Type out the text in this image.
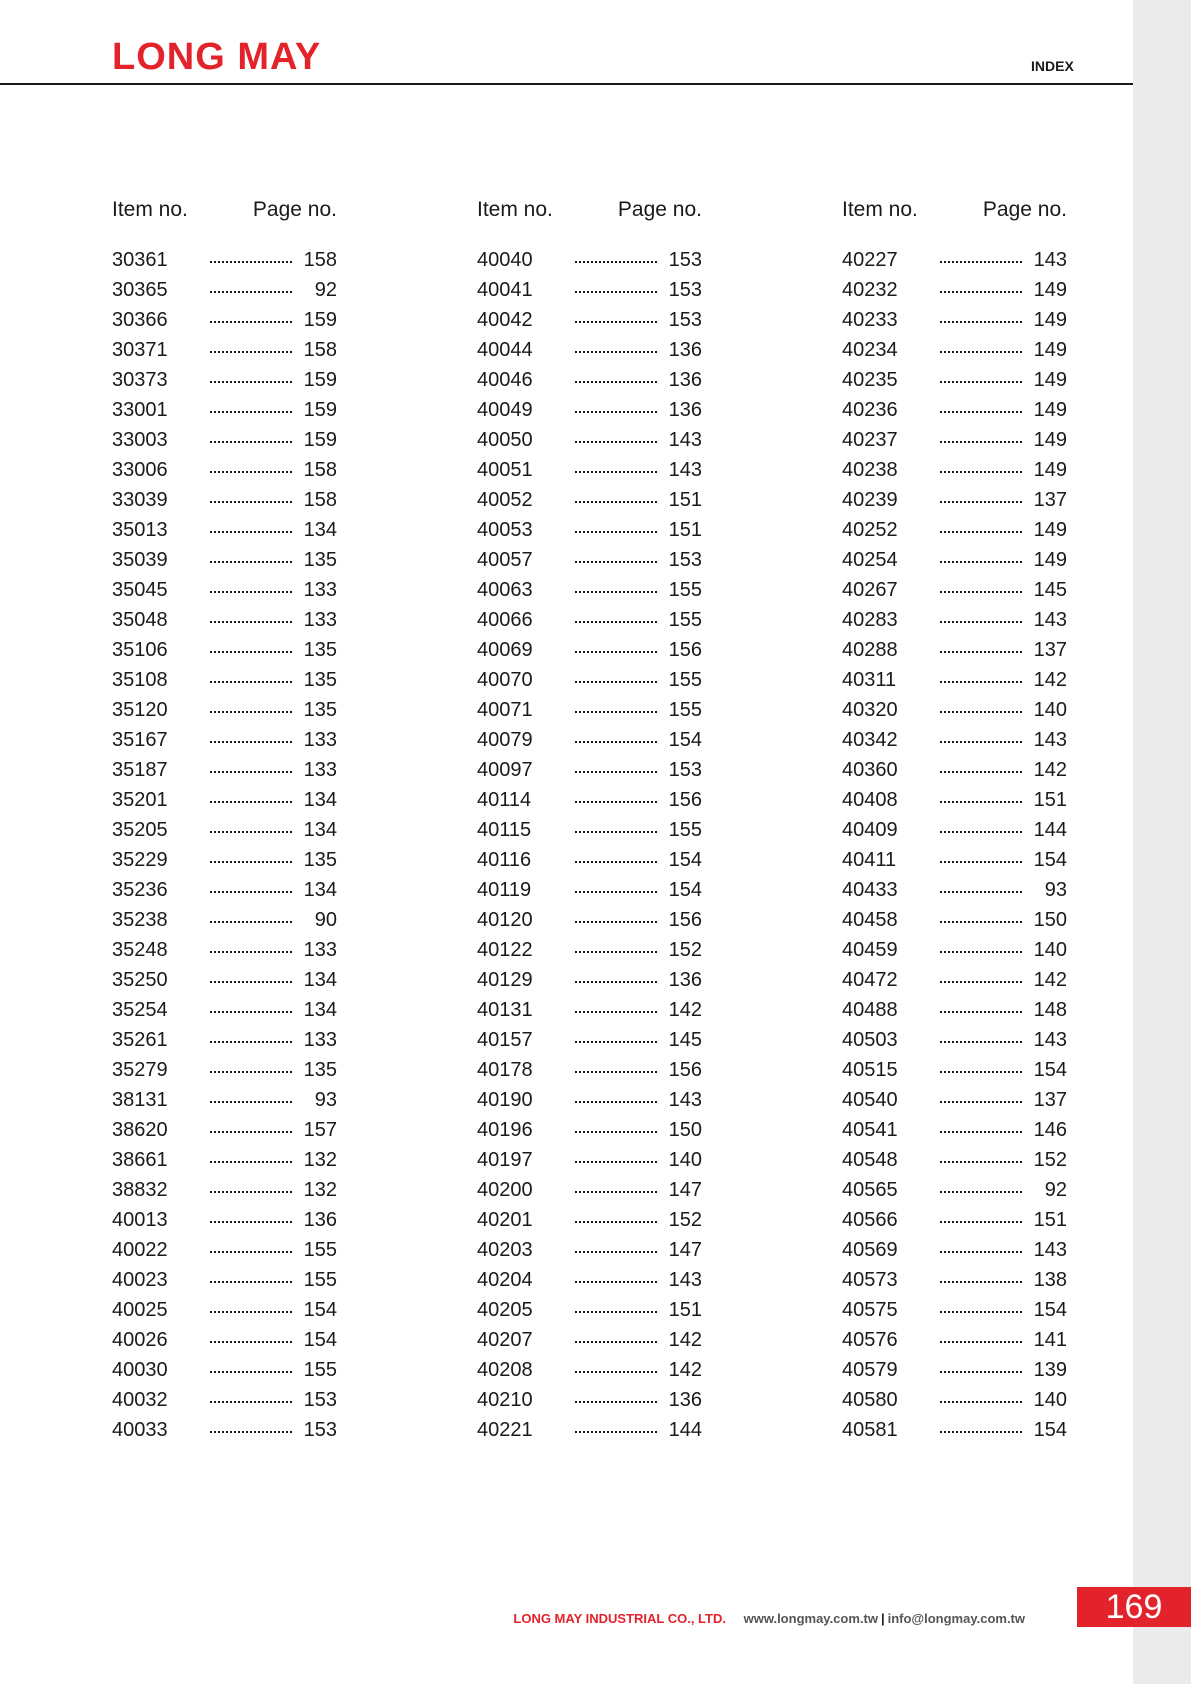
LONG MAY	INDEX
Item no.	Page no.
30361	158
30365	92
30366	159
30371	158
30373	159
33001	159
33003	159
33006	158
33039	158
35013	134
35039	135
35045	133
35048	133
35106	135
35108	135
35120	135
35167	133
35187	133
35201	134
35205	134
35229	135
35236	134
35238	90
35248	133
35250	134
35254	134
35261	133
35279	135
38131	93
38620	157
38661	132
38832	132
40013	136
40022	155
40023	155
40025	154
40026	154
40030	155
40032	153
40033	153
Item no.	Page no.
40040	153
40041	153
40042	153
40044	136
40046	136
40049	136
40050	143
40051	143
40052	151
40053	151
40057	153
40063	155
40066	155
40069	156
40070	155
40071	155
40079	154
40097	153
40114	156
40115	155
40116	154
40119	154
40120	156
40122	152
40129	136
40131	142
40157	145
40178	156
40190	143
40196	150
40197	140
40200	147
40201	152
40203	147
40204	143
40205	151
40207	142
40208	142
40210	136
40221	144
Item no.	Page no.
40227	143
40232	149
40233	149
40234	149
40235	149
40236	149
40237	149
40238	149
40239	137
40252	149
40254	149
40267	145
40283	143
40288	137
40311	142
40320	140
40342	143
40360	142
40408	151
40409	144
40411	154
40433	93
40458	150
40459	140
40472	142
40488	148
40503	143
40515	154
40540	137
40541	146
40548	152
40565	92
40566	151
40569	143
40573	138
40575	154
40576	141
40579	139
40580	140
40581	154
LONG MAY INDUSTRIAL CO., LTD. www.longmay.com.tw | info@longmay.com.tw	169
